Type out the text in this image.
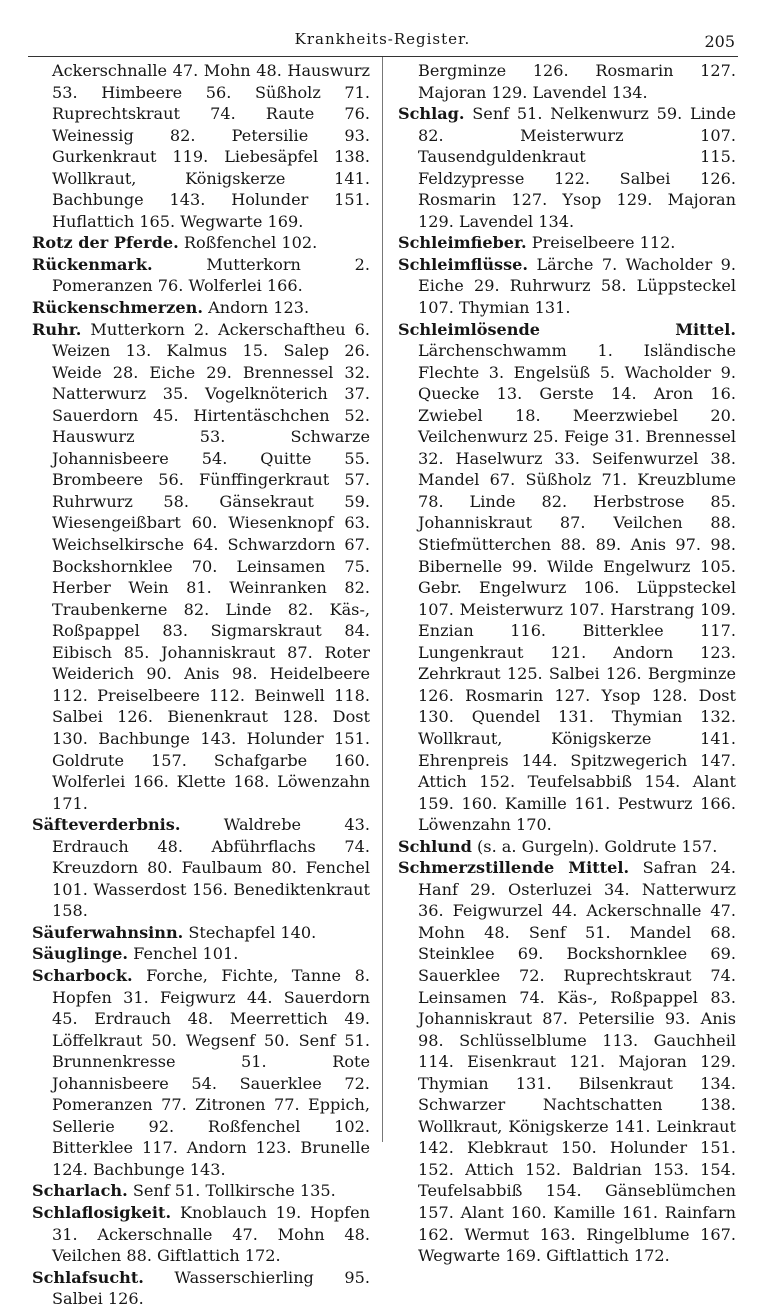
Krankheits-Register.	205

Ackerschnalle 47. Mohn 48. Hauswurz 53. Himbeere 56. Süßholz 71. Ruprechtskraut 74. Raute 76. Weinessig 82. Petersilie 93. Gurkenkraut 119. Liebesäpfel 138. Wollkraut, Königskerze 141. Bachbunge 143. Holunder 151. Huflattich 165. Wegwarte 169.

Rotz der Pferde. Roßfenchel 102.

Rückenmark.	Mutterkorn 2. Pomeranzen 76. Wolferlei 166.

Rückenschmerzen. Andorn 123.

Ruhr. Mutterkorn 2. Ackerschaftheu 6. Weizen 13. Kalmus 15. Salep 26. Weide 28. Eiche 29. Brennessel 32. Natterwurz 35. Vogelknöterich 37. Sauerdorn 45. Hirtentäschchen 52. Hauswurz 53. Schwarze Johannisbeere 54. Quitte 55. Brombeere 56. Fünffingerkraut 57. Ruhrwurz 58. Gänsekraut 59. Wiesengeißbart 60. Wiesenknopf 63. Weichselkirsche 64. Schwarzdorn 67. Bockshornklee 70. Leinsamen 75. Herber Wein 81. Weinranken 82. Traubenkerne 82. Linde 82. Käs-, Roßpappel 83. Sigmarskraut 84. Eibisch 85. Johanniskraut 87. Roter Weiderich 90. Anis 98. Heidelbeere 112. Preiselbeere 112. Beinwell 118. Salbei 126. Bienenkraut 128. Dost 130. Bachbunge 143. Holunder 151. Goldrute 157. Schafgarbe 160. Wolferlei 166. Klette 168. Löwenzahn 171.

Säfteverderbnis.	Waldrebe 43. Erdrauch 48. Abführflachs 74. Kreuzdorn 80. Faulbaum 80. Fenchel 101. Wasserdost 156. Benediktenkraut 158.

Säuferwahnsinn. Stechapfel 140.

Säuglinge. Fenchel 101.

Scharbock. Forche, Fichte, Tanne 8. Hopfen 31. Feigwurz 44. Sauerdorn 45. Erdrauch 48. Meerrettich 49. Löffelkraut 50. Wegsenf 50. Senf 51. Brunnenkresse 51. Rote Johannisbeere 54. Sauerklee 72. Pomeranzen 77. Zitronen 77. Eppich, Sellerie 92. Roßfenchel 102. Bitterklee 117. Andorn 123. Brunelle 124. Bachbunge 143.

Scharlach. Senf 51. Tollkirsche 135.

Schlaflosigkeit. Knoblauch 19. Hopfen 31. Ackerschnalle 47. Mohn 48. Veilchen 88. Giftlattich 172.

Schlafsucht. Wasserschierling 95. Salbei 126.

Bergminze 126. Rosmarin 127. Majoran 129. Lavendel 134.

Schlag. Senf 51. Nelkenwurz 59. Linde 82. Meisterwurz 107. Tausendguldenkraut 115. Feldzypresse 122. Salbei 126. Rosmarin 127. Ysop 129. Majoran 129. Lavendel 134.

Schleimfieber. Preiselbeere 112.

Schleimflüsse. Lärche 7. Wacholder 9. Eiche 29. Ruhrwurz 58. Lüppsteckel 107. Thymian 131.

Schleimlösende Mittel. Lärchenschwamm 1. Isländische Flechte 3. Engelsüß 5. Wacholder 9. Quecke 13. Gerste 14. Aron 16. Zwiebel 18. Meerzwiebel 20. Veilchenwurz 25. Feige 31. Brennessel 32. Haselwurz 33. Seifenwurzel 38. Mandel 67. Süßholz 71. Kreuzblume 78. Linde 82. Herbstrose 85. Johanniskraut 87. Veilchen 88. Stiefmütterchen 88. 89. Anis 97. 98. Bibernelle 99. Wilde Engelwurz 105. Gebr. Engelwurz 106. Lüppsteckel 107. Meisterwurz 107. Harstrang 109. Enzian 116. Bitterklee 117. Lungenkraut 121. Andorn 123. Zehrkraut 125. Salbei 126. Bergminze 126. Rosmarin 127. Ysop 128. Dost 130. Quendel 131. Thymian 132. Wollkraut, Königskerze 141. Ehrenpreis 144. Spitzwegerich 147. Attich 152. Teufelsabbiß 154. Alant 159. 160. Kamille 161. Pestwurz 166. Löwenzahn 170.

Schlund (s. a. Gurgeln). Goldrute 157.

Schmerzstillende Mittel. Safran 24. Hanf 29. Osterluzei 34. Natterwurz 36. Feigwurzel 44. Ackerschnalle 47. Mohn 48. Senf 51. Mandel 68. Steinklee 69. Bockshornklee 69. Sauerklee 72. Ruprechtskraut 74. Leinsamen 74. Käs-, Roßpappel 83. Johanniskraut 87. Petersilie 93. Anis 98. Schlüsselblume 113. Gauchheil 114. Eisenkraut 121. Majoran 129. Thymian 131. Bilsenkraut 134. Schwarzer Nachtschatten 138. Wollkraut, Königskerze 141. Leinkraut 142. Klebkraut 150. Holunder 151. 152. Attich 152. Baldrian 153. 154. Teufelsabbiß 154. Gänseblümchen 157. Alant 160. Kamille 161. Rainfarn 162. Wermut 163. Ringelblume 167. Wegwarte 169. Giftlattich 172.
